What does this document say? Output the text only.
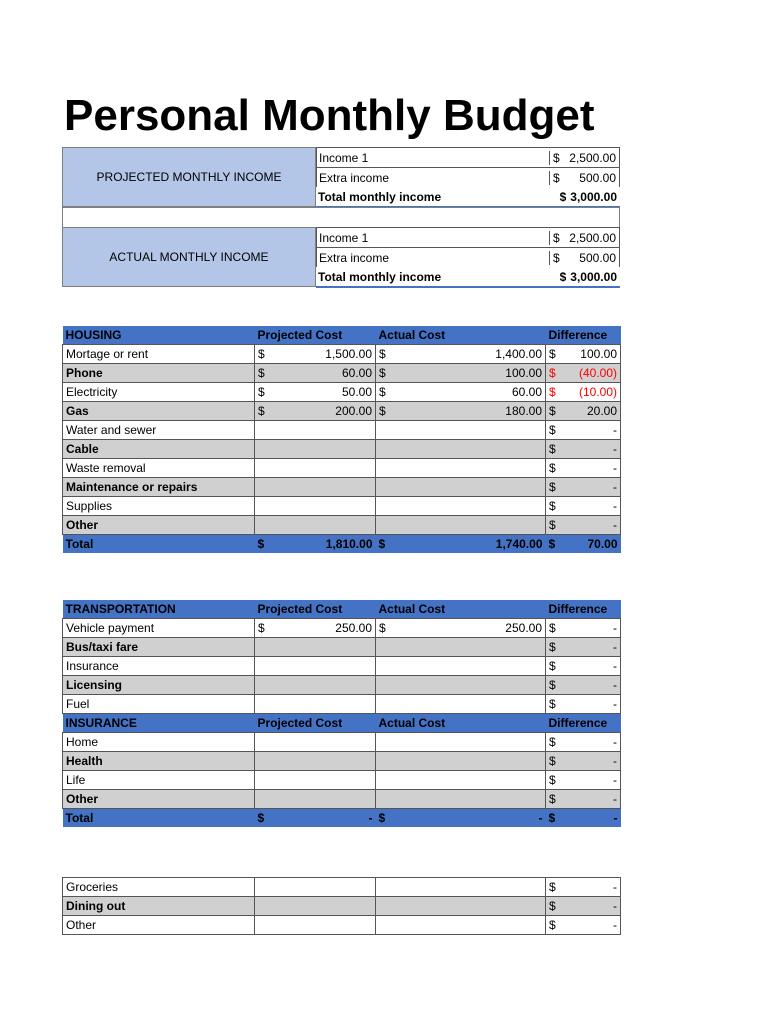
Personal Monthly Budget
PROJECTED MONTHLY INCOME
Income 1	$ 2,500.00
Extra income	$ 500.00
Total monthly income	$ 3,000.00
ACTUAL MONTHLY INCOME
Income 1	$ 2,500.00
Extra income	$ 500.00
Total monthly income	$ 3,000.00
HOUSING	Projected Cost	Actual Cost	Difference
Mortage or rent	$ 1,500.00	$ 1,400.00	$ 100.00

Phone	$ 60.00	$ 100.00	$ (40.00)

Electricity	$ 50.00	$ 60.00	$ (10.00)

Gas	$ 200.00	$ 180.00	$ 20.00

Water and sewer			$ -

Cable			$ -

Waste removal			$ -

Maintenance or repairs			$ -

Supplies			$ -

Other			$ -

Total	$ 1,810.00	$ 1,740.00	$ 70.00
TRANSPORTATION	Projected Cost	Actual Cost	Difference
Vehicle payment	$ 250.00	$ 250.00	$ -

Bus/taxi fare			$ -

Insurance			$ -

Licensing			$ -

Fuel			$ -

INSURANCE	Projected Cost	Actual Cost	Difference
Home			$ -

Health			$ -

Life			$ -

Other			$ -

Total	$ -	$ -	$ -
Groceries			$ -

Dining out			$ -

Other			$ -
